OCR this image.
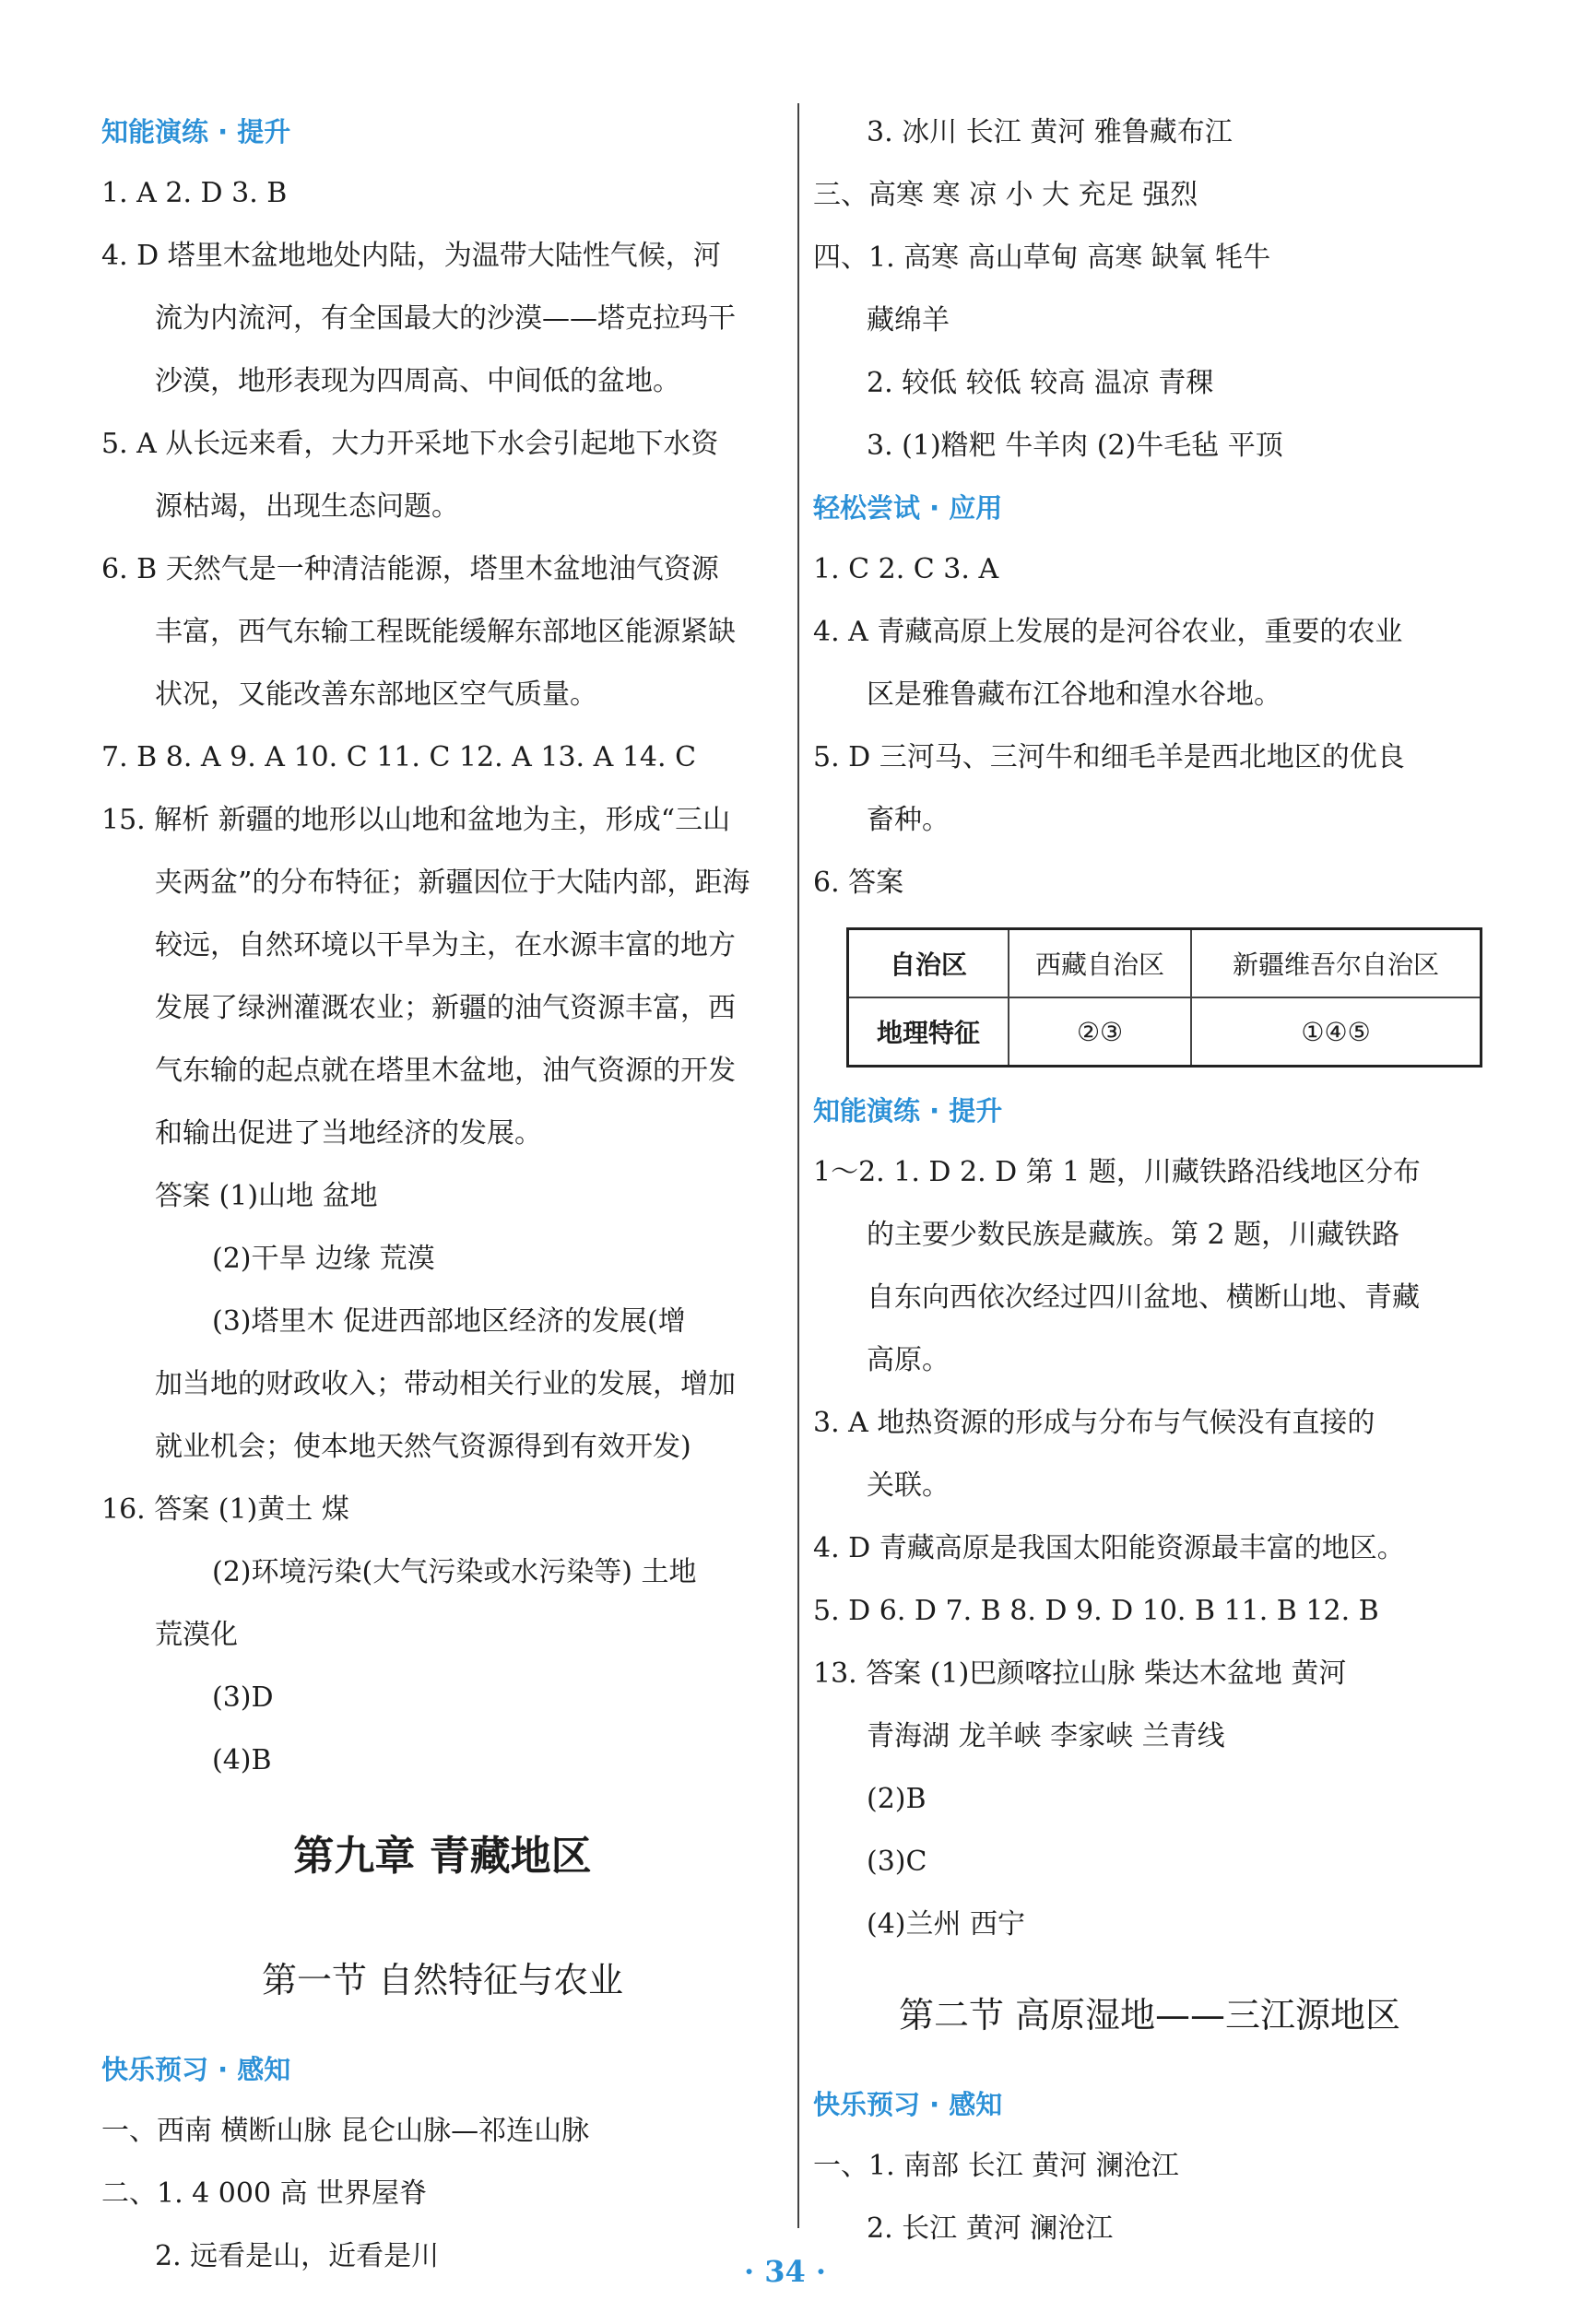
知能演练 · 提升
1. A 2. D 3. B
4. D 塔里木盆地地处内陆，为温带大陆性气候，河
流为内流河，有全国最大的沙漠——塔克拉玛干
沙漠，地形表现为四周高、中间低的盆地。
5. A 从长远来看，大力开采地下水会引起地下水资
源枯竭，出现生态问题。
6. B 天然气是一种清洁能源，塔里木盆地油气资源
丰富，西气东输工程既能缓解东部地区能源紧缺
状况，又能改善东部地区空气质量。
7. B 8. A 9. A 10. C 11. C 12. A 13. A 14. C
15. 解析 新疆的地形以山地和盆地为主，形成“三山
夹两盆”的分布特征；新疆因位于大陆内部，距海
较远，自然环境以干旱为主，在水源丰富的地方
发展了绿洲灌溉农业；新疆的油气资源丰富，西
气东输的起点就在塔里木盆地，油气资源的开发
和输出促进了当地经济的发展。
答案 (1)山地 盆地
(2)干旱 边缘 荒漠
(3)塔里木 促进西部地区经济的发展(增
加当地的财政收入；带动相关行业的发展，增加
就业机会；使本地天然气资源得到有效开发)
16. 答案 (1)黄土 煤
(2)环境污染(大气污染或水污染等) 土地
荒漠化
(3)D
(4)B
第九章 青藏地区
第一节 自然特征与农业
快乐预习 · 感知
一、西南 横断山脉 昆仑山脉—祁连山脉
二、1. 4 000 高 世界屋脊
2. 远看是山，近看是川
3. 冰川 长江 黄河 雅鲁藏布江
三、高寒 寒 凉 小 大 充足 强烈
四、1. 高寒 高山草甸 高寒 缺氧 牦牛
藏绵羊
2. 较低 较低 较高 温凉 青稞
3. (1)糌粑 牛羊肉 (2)牛毛毡 平顶
轻松尝试 · 应用
1. C 2. C 3. A
4. A 青藏高原上发展的是河谷农业，重要的农业
区是雅鲁藏布江谷地和湟水谷地。
5. D 三河马、三河牛和细毛羊是西北地区的优良
畜种。
6. 答案
自治区	西藏自治区	新疆维吾尔自治区
地理特征	②③	①④⑤
知能演练 · 提升
1～2. 1. D 2. D 第 1 题，川藏铁路沿线地区分布
的主要少数民族是藏族。第 2 题，川藏铁路
自东向西依次经过四川盆地、横断山地、青藏
高原。
3. A 地热资源的形成与分布与气候没有直接的
关联。
4. D 青藏高原是我国太阳能资源最丰富的地区。
5. D 6. D 7. B 8. D 9. D 10. B 11. B 12. B
13. 答案 (1)巴颜喀拉山脉 柴达木盆地 黄河
青海湖 龙羊峡 李家峡 兰青线
(2)B
(3)C
(4)兰州 西宁
第二节 高原湿地——三江源地区
快乐预习 · 感知
一、1. 南部 长江 黄河 澜沧江
2. 长江 黄河 澜沧江
· 34 ·
